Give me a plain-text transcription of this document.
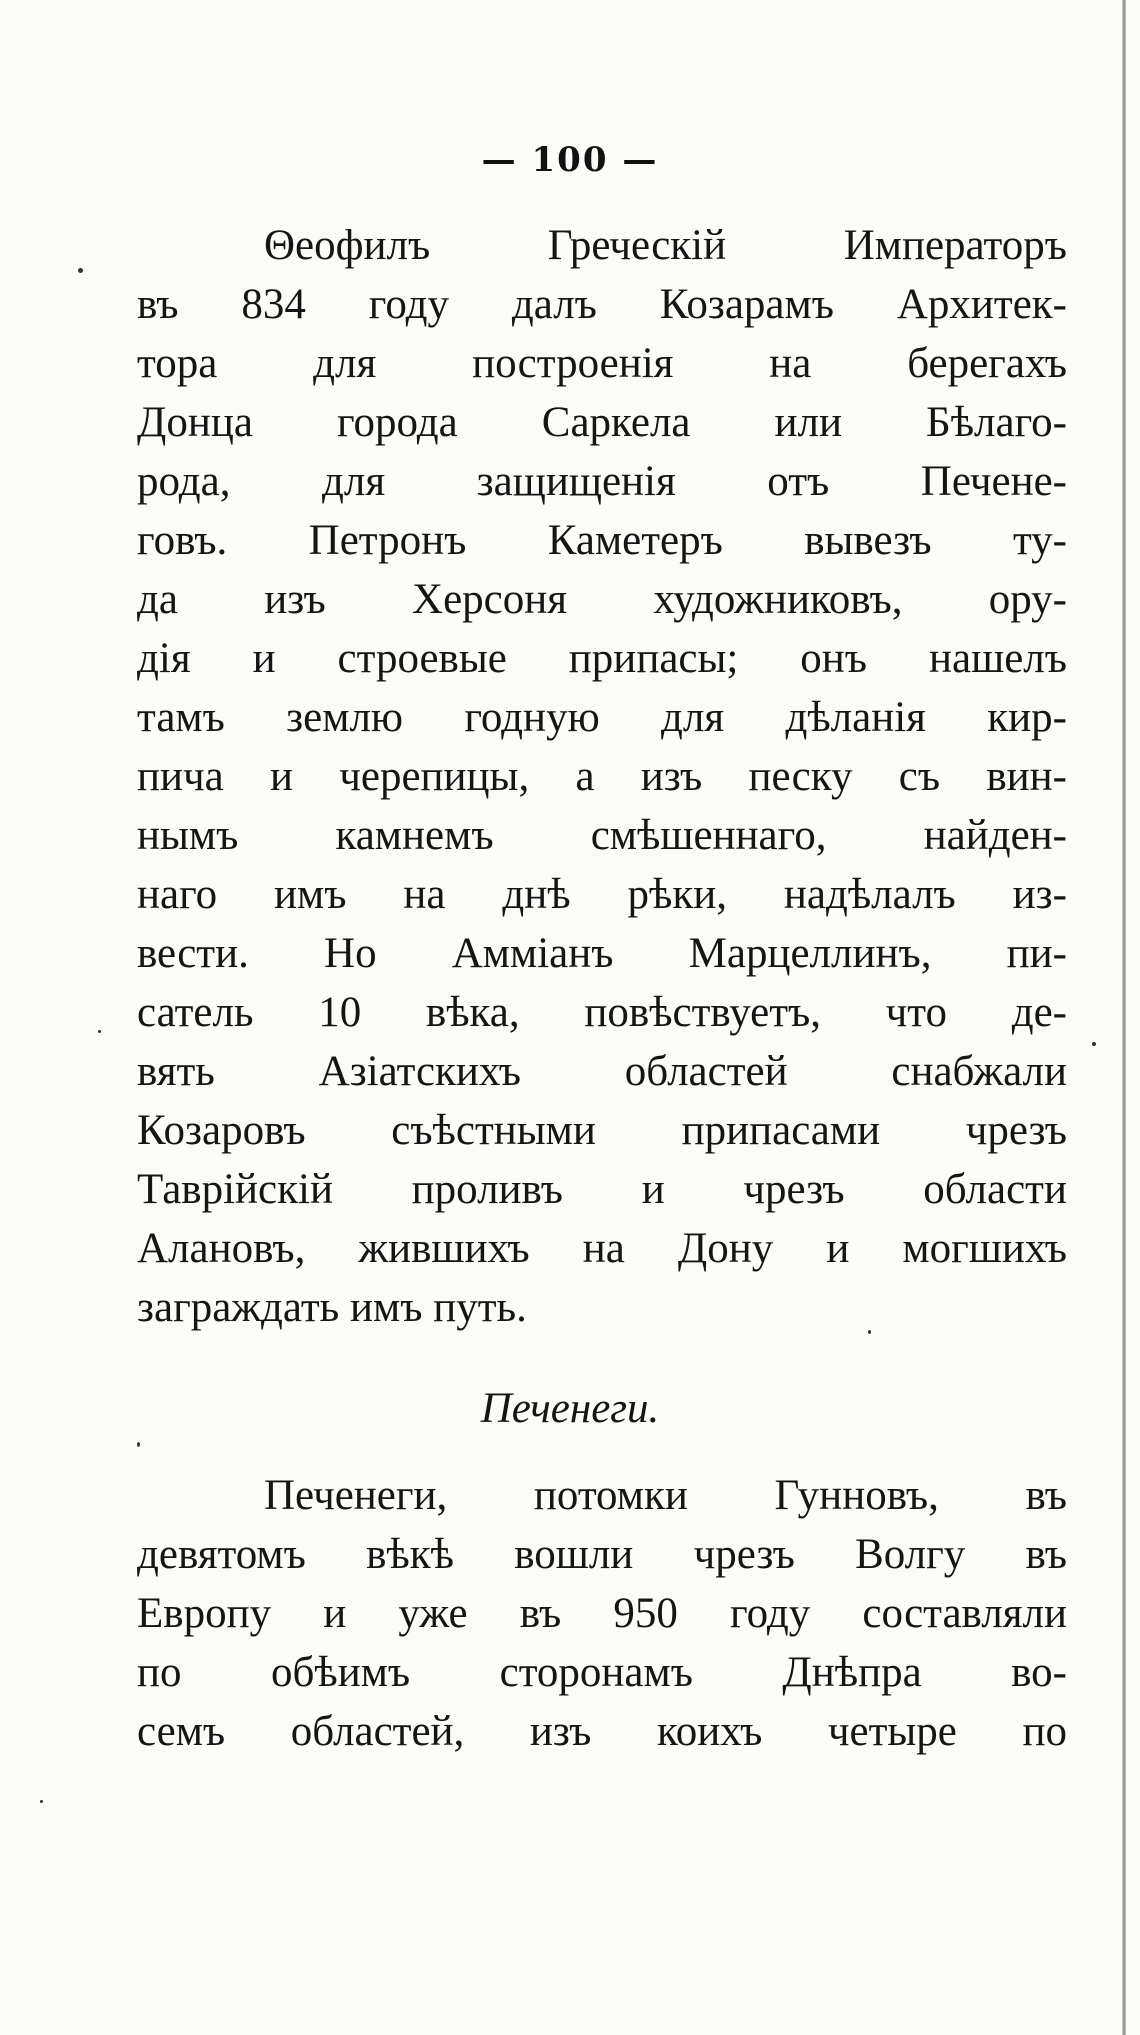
— 100 —
Θеофилъ Греческій Императоръ
въ 834 году далъ Козарамъ Архитек-
тора для построенія на берегахъ
Донца города Саркела или Бѣлаго-
рода, для защищенія отъ Печене-
говъ. Петронъ Каметеръ вывезъ ту-
да изъ Херсоня художниковъ, ору-
дія и строевые припасы; онъ нашелъ
тамъ землю годную для дѣланія кир-
пича и черепицы, а изъ песку съ вин-
нымъ камнемъ смѣшеннаго, найден-
наго имъ на днѣ рѣки, надѣлалъ из-
вести. Но Аммiанъ Марцеллинъ, пи-
сатель 10 вѣка, повѣствуетъ, что де-
вять Азiатскихъ областей снабжали
Козаровъ съѣстными припасами чрезъ
Таврійскій проливъ и чрезъ области
Алановъ, жившихъ на Дону и могшихъ
заграждать имъ путь.
Печенеги.
Печенеги, потомки Гунновъ, въ
девятомъ вѣкѣ вошли чрезъ Волгу въ
Европу и уже въ 950 году составляли
по обѣимъ сторонамъ Днѣпра во-
семъ областей, изъ коихъ четыре по
